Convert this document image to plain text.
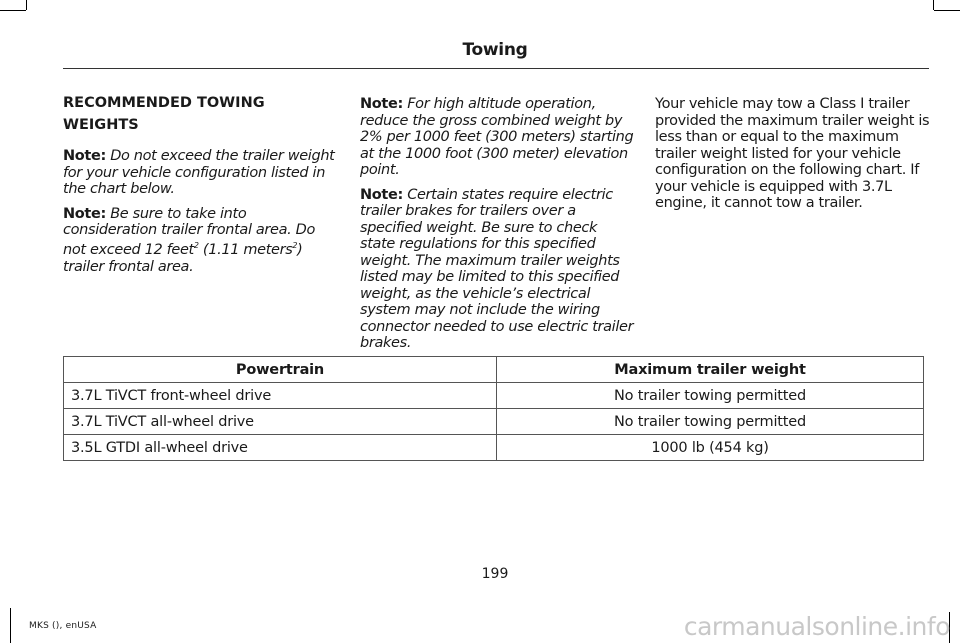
Towing
RECOMMENDED TOWING
WEIGHTS

Note: Do not exceed the trailer weight for your vehicle configuration listed in the chart below.

Note: Be sure to take into consideration trailer frontal area. Do not exceed 12 feet$^2$ (1.11 meters$^2$) trailer frontal area.

Note: For high altitude operation, reduce the gross combined weight by 2% per 1000 feet (300 meters) starting at the 1000 foot (300 meter) elevation point.

Note: Certain states require electric trailer brakes for trailers over a specified weight. Be sure to check state regulations for this specified weight. The maximum trailer weights listed may be limited to this specified weight, as the vehicle’s electrical system may not include the wiring connector needed to use electric trailer brakes.

Your vehicle may tow a Class I trailer provided the maximum trailer weight is less than or equal to the maximum trailer weight listed for your vehicle configuration on the following chart. If your vehicle is equipped with 3.7L engine, it cannot tow a trailer.

Powertrain	Maximum trailer weight
3.7L TiVCT front-wheel drive	No trailer towing permitted
3.7L TiVCT all-wheel drive	No trailer towing permitted
3.5L GTDI all-wheel drive	1000 lb (454 kg)
199
MKS (), enUSA	carmanualsonline.info
